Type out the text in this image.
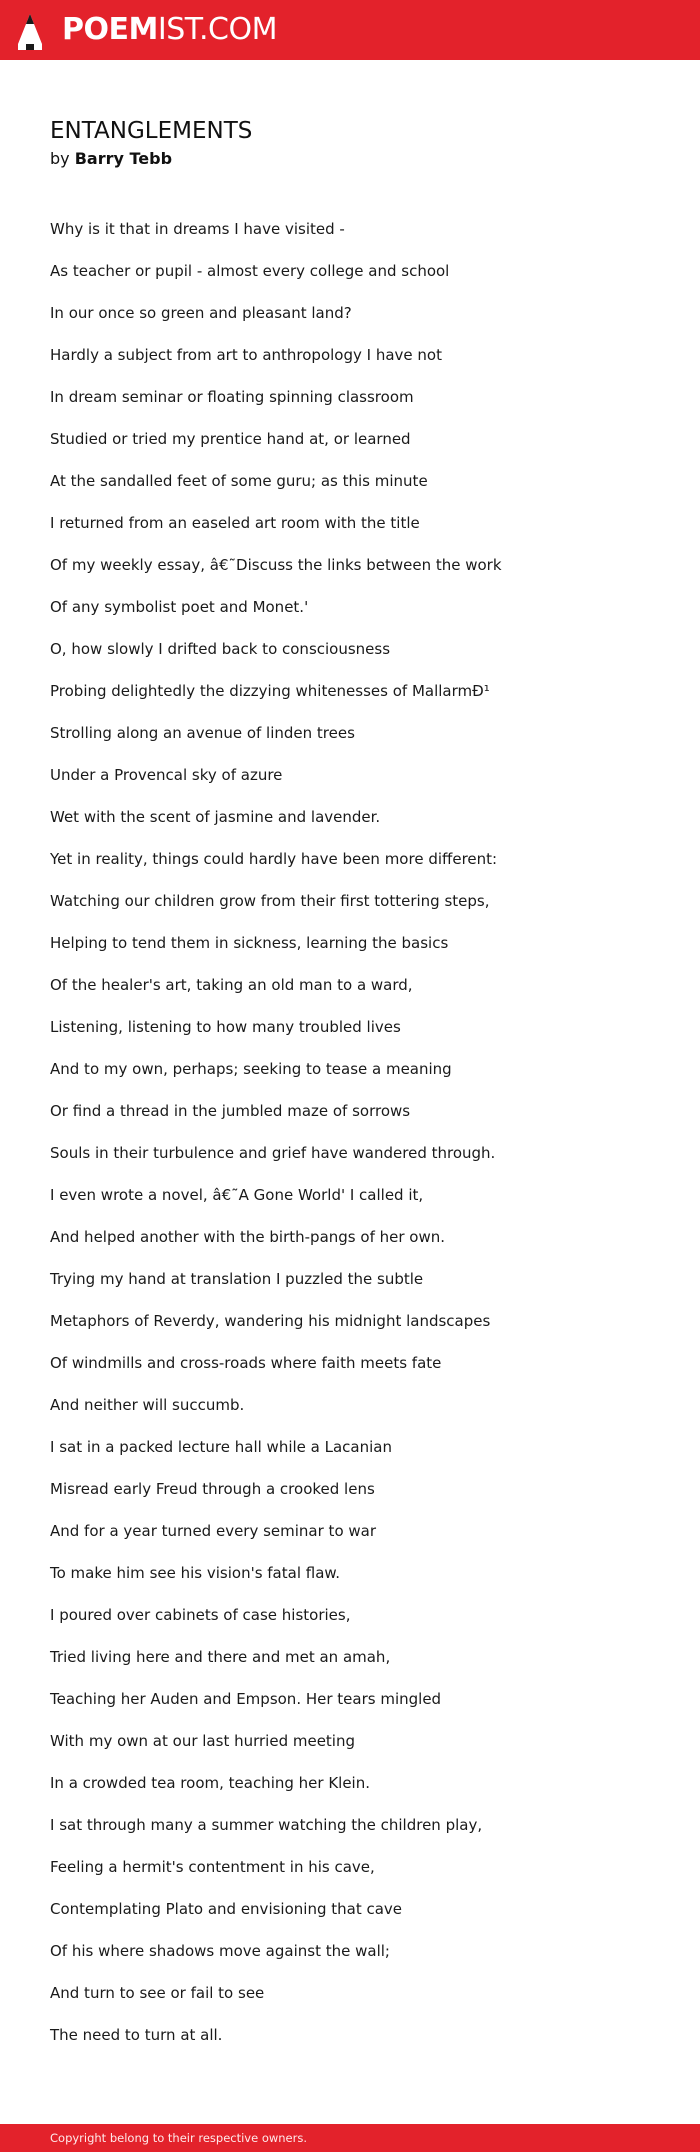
POEMIST.COM
ENTANGLEMENTS

by Barry Tebb

Why is it that in dreams I have visited -
As teacher or pupil - almost every college and school
In our once so green and pleasant land?
Hardly a subject from art to anthropology I have not
In dream seminar or floating spinning classroom
Studied or tried my prentice hand at, or learned
At the sandalled feet of some guru; as this minute
I returned from an easeled art room with the title
Of my weekly essay, â€˜Discuss the links between the work
Of any symbolist poet and Monet.'
O, how slowly I drifted back to consciousness
Probing delightedly the dizzying whitenesses of MallarmÐ¹
Strolling along an avenue of linden trees
Under a Provencal sky of azure
Wet with the scent of jasmine and lavender.
Yet in reality, things could hardly have been more different:
Watching our children grow from their first tottering steps,
Helping to tend them in sickness, learning the basics
Of the healer's art, taking an old man to a ward,
Listening, listening to how many troubled lives
And to my own, perhaps; seeking to tease a meaning
Or find a thread in the jumbled maze of sorrows
Souls in their turbulence and grief have wandered through.
I even wrote a novel, â€˜A Gone World' I called it,
And helped another with the birth-pangs of her own.
Trying my hand at translation I puzzled the subtle
Metaphors of Reverdy, wandering his midnight landscapes
Of windmills and cross-roads where faith meets fate
And neither will succumb.
I sat in a packed lecture hall while a Lacanian
Misread early Freud through a crooked lens
And for a year turned every seminar to war
To make him see his vision's fatal flaw.
I poured over cabinets of case histories,
Tried living here and there and met an amah,
Teaching her Auden and Empson. Her tears mingled
With my own at our last hurried meeting
In a crowded tea room, teaching her Klein.
I sat through many a summer watching the children play,
Feeling a hermit's contentment in his cave,
Contemplating Plato and envisioning that cave
Of his where shadows move against the wall;
And turn to see or fail to see
The need to turn at all.
Copyright belong to their respective owners.
